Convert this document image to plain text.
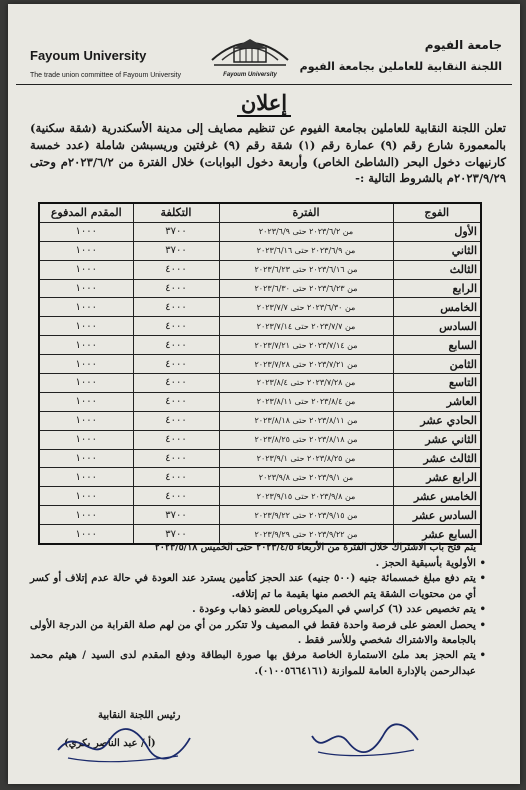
جامعة الفيوم
اللجنة النقابية للعاملين بجامعة الفيوم
Fayoum University
Fayoum University
The trade union committee of Fayoum University
إعلان
تعلن اللجنة النقابية للعاملين بجامعة الفيوم عن تنظيم مصايف إلى مدينة الأسكندرية (شقة سكنية) بالمعمورة شارع رقم (٩) عمارة رقم (١) شقة رقم (٩) غرفتين وريسبشن شاملة (عدد خمسة كارنيهات دخول البحر (الشاطئ الخاص) وأربعة دخول البوابات) خلال الفترة من ٢٠٢٣/٦/٢م وحتى ٢٠٢٣/٩/٢٩م بالشروط التالية :-
الفوج	الفترة	التكلفة	المقدم المدفوع
الأول	من ٢٠٢٣/٦/٢ حتى ٢٠٢٣/٦/٩	٣٧٠٠	١٠٠٠
الثاني	من ٢٠٢٣/٦/٩ حتى ٢٠٢٣/٦/١٦	٣٧٠٠	١٠٠٠
الثالث	من ٢٠٢٣/٦/١٦ حتى ٢٠٢٣/٦/٢٣	٤٠٠٠	١٠٠٠
الرابع	من ٢٠٢٣/٦/٢٣ حتى ٢٠٢٣/٦/٣٠	٤٠٠٠	١٠٠٠
الخامس	من ٢٠٢٣/٦/٣٠ حتى ٢٠٢٣/٧/٧	٤٠٠٠	١٠٠٠
السادس	من ٢٠٢٣/٧/٧ حتى ٢٠٢٣/٧/١٤	٤٠٠٠	١٠٠٠
السابع	من ٢٠٢٣/٧/١٤ حتى ٢٠٢٣/٧/٢١	٤٠٠٠	١٠٠٠
الثامن	من ٢٠٢٣/٧/٢١ حتى ٢٠٢٣/٧/٢٨	٤٠٠٠	١٠٠٠
التاسع	من ٢٠٢٣/٧/٢٨ حتى ٢٠٢٣/٨/٤	٤٠٠٠	١٠٠٠
العاشر	من ٢٠٢٣/٨/٤ حتى ٢٠٢٣/٨/١١	٤٠٠٠	١٠٠٠
الحادي عشر	من ٢٠٢٣/٨/١١ حتى ٢٠٢٣/٨/١٨	٤٠٠٠	١٠٠٠
الثاني عشر	من ٢٠٢٣/٨/١٨ حتى ٢٠٢٣/٨/٢٥	٤٠٠٠	١٠٠٠
الثالث عشر	من ٢٠٢٣/٨/٢٥ حتى ٢٠٢٣/٩/١	٤٠٠٠	١٠٠٠
الرابع عشر	من ٢٠٢٣/٩/١ حتى ٢٠٢٣/٩/٨	٤٠٠٠	١٠٠٠
الخامس عشر	من ٢٠٢٣/٩/٨ حتى ٢٠٢٣/٩/١٥	٤٠٠٠	١٠٠٠
السادس عشر	من ٢٠٢٣/٩/١٥ حتى ٢٠٢٣/٩/٢٢	٣٧٠٠	١٠٠٠
السابع عشر	من ٢٠٢٣/٩/٢٢ حتى ٢٠٢٣/٩/٢٩	٣٧٠٠	١٠٠٠
يتم فتح باب الاشتراك خلال الفترة من الأربعاء ٢٠٢٣/٤/٥ حتى الخميس ٢٠٢٣/٥/١٨
• الأولوية بأسبقية الحجز .
• يتم دفع مبلغ خمسمائة جنيه (٥٠٠ جنيه) عند الحجز كتأمين يسترد عند العودة في حالة عدم إتلاف أو كسر أي من محتويات الشقة يتم الخصم منها بقيمة ما تم إتلافه.
• يتم تخصيص عدد (٦) كراسي في الميكروباص للعضو ذهاب وعودة .
• يحصل العضو على فرصة واحدة فقط في المصيف ولا تتكرر من أي من لهم صلة القرابة من الدرجة الأولى بالجامعة والاشتراك شخصي وللأسر فقط .
• يتم الحجز بعد ملئ الاستمارة الخاصة مرفق بها صورة البطاقة ودفع المقدم لدى السيد / هيثم محمد عبدالرحمن بالإدارة العامة للموازنة (٠١٠٠٥٦٦٤١٦١).
رئيس اللجنة النقابية
(أ / عبد الناصر بكري)
